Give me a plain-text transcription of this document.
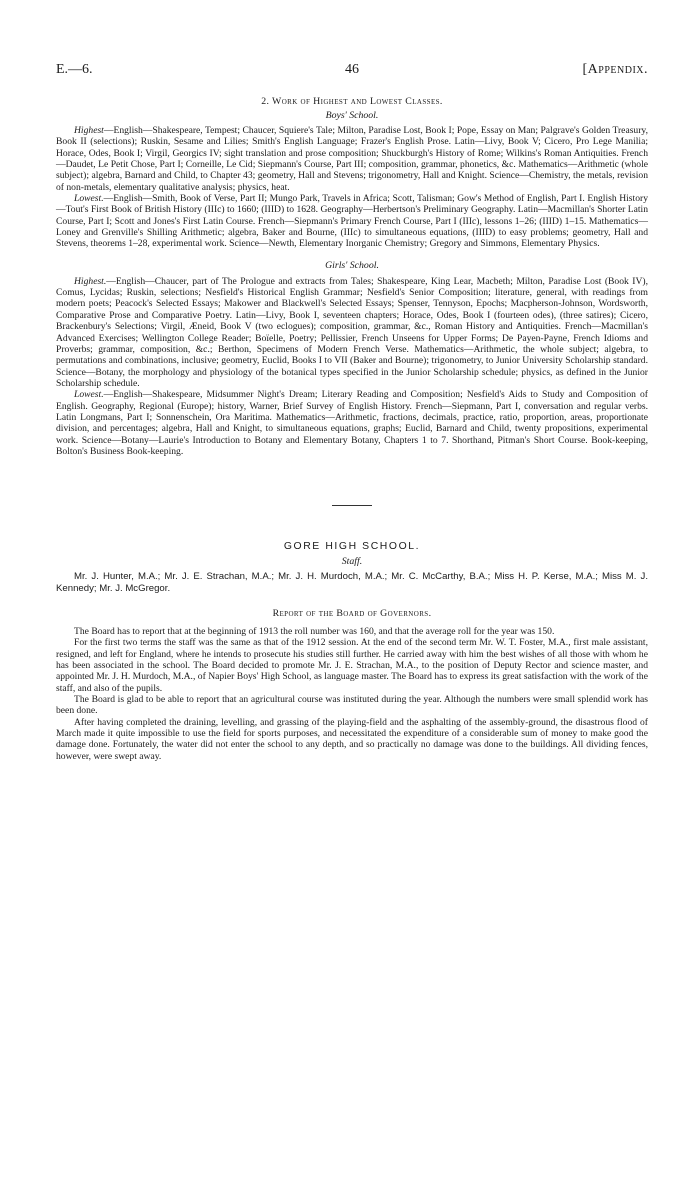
E.—6.	46	[Appendix.
2. Work of Highest and Lowest Classes.
Boys' School.

Highest—English—Shakespeare, Tempest; Chaucer, Squiere's Tale; Milton, Paradise Lost, Book I; Pope, Essay on Man; Palgrave's Golden Treasury, Book II (selections); Ruskin, Sesame and Lilies; Smith's English Language; Frazer's English Prose. Latin—Livy, Book V; Cicero, Pro Lege Manilia; Horace, Odes, Book I; Virgil, Georgics IV; sight translation and prose composition; Shuckburgh's History of Rome; Wilkins's Roman Antiquities. French—Daudet, Le Petit Chose, Part I; Corneille, Le Cid; Siepmann's Course, Part III; composition, grammar, phonetics, &c. Mathematics—Arithmetic (whole subject); algebra, Barnard and Child, to Chapter 43; geometry, Hall and Stevens; trigonometry, Hall and Knight. Science—Chemistry, the metals, revision of non-metals, elementary qualitative analysis; physics, heat.

Lowest.—English—Smith, Book of Verse, Part II; Mungo Park, Travels in Africa; Scott, Talisman; Gow's Method of English, Part I. English History—Tout's First Book of British History (IIIc) to 1660; (IIID) to 1628. Geography—Herbertson's Preliminary Geography. Latin—Macmillan's Shorter Latin Course, Part I; Scott and Jones's First Latin Course. French—Siepmann's Primary French Course, Part I (IIIc), lessons 1–26; (IIID) 1–15. Mathematics—Loney and Grenville's Shilling Arithmetic; algebra, Baker and Bourne, (IIIc) to simultaneous equations, (IIID) to easy problems; geometry, Hall and Stevens, theorems 1–28, experimental work. Science—Newth, Elementary Inorganic Chemistry; Gregory and Simmons, Elementary Physics.

Girls' School.

Highest.—English—Chaucer, part of The Prologue and extracts from Tales; Shakespeare, King Lear, Macbeth; Milton, Paradise Lost (Book IV), Comus, Lycidas; Ruskin, selections; Nesfield's Historical English Grammar; Nesfield's Senior Composition; literature, general, with readings from modern poets; Peacock's Selected Essays; Makower and Blackwell's Selected Essays; Spenser, Tennyson, Epochs; Macpherson-Johnson, Wordsworth, Comparative Prose and Comparative Poetry. Latin—Livy, Book I, seventeen chapters; Horace, Odes, Book I (fourteen odes), (three satires); Cicero, Brackenbury's Selections; Virgil, Æneid, Book V (two eclogues); composition, grammar, &c., Roman History and Antiquities. French—Macmillan's Advanced Exercises; Wellington College Reader; Boïelle, Poetry; Pellissier, French Unseens for Upper Forms; De Payen-Payne, French Idioms and Proverbs; grammar, composition, &c.; Berthon, Specimens of Modern French Verse. Mathematics—Arithmetic, the whole subject; algebra, to permutations and combinations, inclusive; geometry, Euclid, Books I to VII (Baker and Bourne); trigonometry, to Junior University Scholarship standard. Science—Botany, the morphology and physiology of the botanical types specified in the Junior Scholarship schedule; physics, as defined in the Junior Scholarship schedule.

Lowest.—English—Shakespeare, Midsummer Night's Dream; Literary Reading and Composition; Nesfield's Aids to Study and Composition of English. Geography, Regional (Europe); history, Warner, Brief Survey of English History. French—Siepmann, Part I, conversation and regular verbs. Latin Longmans, Part I; Sonnenschein, Ora Maritima. Mathematics—Arithmetic, fractions, decimals, practice, ratio, proportion, areas, proportionate division, and percentages; algebra, Hall and Knight, to simultaneous equations, graphs; Euclid, Barnard and Child, twenty propositions, experimental work. Science—Botany—Laurie's Introduction to Botany and Elementary Botany, Chapters 1 to 7. Shorthand, Pitman's Short Course. Book-keeping, Bolton's Business Book-keeping.

GORE HIGH SCHOOL.
Staff.

Mr. J. Hunter, M.A.; Mr. J. E. Strachan, M.A.; Mr. J. H. Murdoch, M.A.; Mr. C. McCarthy, B.A.; Miss H. P. Kerse, M.A.; Miss M. J. Kennedy; Mr. J. McGregor.

Report of the Board of Governors.

The Board has to report that at the beginning of 1913 the roll number was 160, and that the average roll for the year was 150.

For the first two terms the staff was the same as that of the 1912 session. At the end of the second term Mr. W. T. Foster, M.A., first male assistant, resigned, and left for England, where he intends to prosecute his studies still further. He carried away with him the best wishes of all those with whom he has been associated in the school. The Board decided to promote Mr. J. E. Strachan, M.A., to the position of Deputy Rector and science master, and appointed Mr. J. H. Murdoch, M.A., of Napier Boys' High School, as language master. The Board has to express its great satisfaction with the work of the staff, and also of the pupils.

The Board is glad to be able to report that an agricultural course was instituted during the year. Although the numbers were small splendid work has been done.

After having completed the draining, levelling, and grassing of the playing-field and the asphalting of the assembly-ground, the disastrous flood of March made it quite impossible to use the field for sports purposes, and necessitated the expenditure of a considerable sum of money to make good the damage done. Fortunately, the water did not enter the school to any depth, and so practically no damage was done to the buildings. All dividing fences, however, were swept away.
